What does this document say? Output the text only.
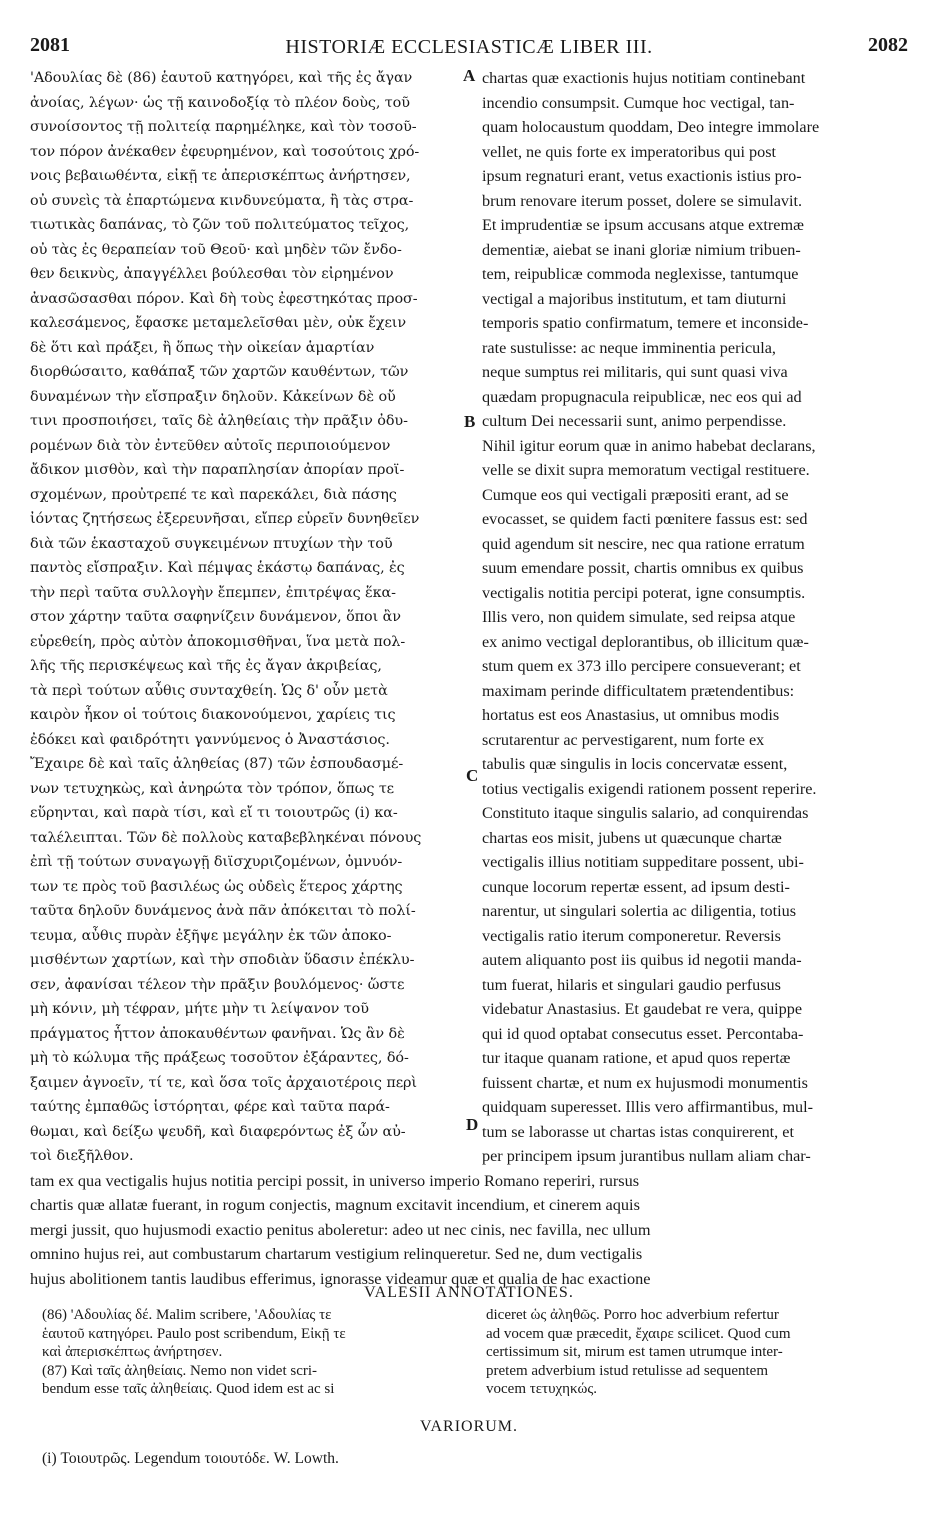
2081	HISTORIÆ ECCLESIASTICÆ LIBER III.	2082
'Αδουλίας δὲ (86) ἑαυτοῦ κατηγόρει, καὶ τῆς ἐς ἄγαν
ἀνοίας, λέγων· ὡς τῇ καινοδοξίᾳ τὸ πλέον δοὺς, τοῦ
συνοίσοντος τῇ πολιτείᾳ παρημέληκε, καὶ τὸν τοσοῦ-
τον πόρον ἀνέκαθεν ἐφευρημένον, καὶ τοσούτοις χρό-
νοις βεβαιωθέντα, εἰκῇ τε ἀπερισκέπτως ἀνήρτησεν,
οὐ συνεὶς τὰ ἐπαρτώμενα κινδυνεύματα, ἢ τὰς στρα-
τιωτικὰς δαπάνας, τὸ ζῶν τοῦ πολιτεύματος τεῖχος,
οὐ τὰς ἐς θεραπείαν τοῦ Θεοῦ· καὶ μηδὲν τῶν ἔνδο-
θεν δεικνὺς, ἀπαγγέλλει βούλεσθαι τὸν εἰρημένον
ἀνασῶσασθαι πόρον. Καὶ δὴ τοὺς ἐφεστηκότας προσ-
καλεσάμενος, ἔφασκε μεταμελεῖσθαι μὲν, οὐκ ἔχειν
δὲ ὅτι καὶ πράξει, ἢ ὅπως τὴν οἰκείαν ἁμαρτίαν
διορθώσαιτο, καθάπαξ τῶν χαρτῶν καυθέντων, τῶν
δυναμένων τὴν εἴσπραξιν δηλοῦν. Κἀκείνων δὲ οὔ
τινι προσποιήσει, ταῖς δὲ ἀληθείαις τὴν πρᾶξιν ὀδυ-
ρομένων διὰ τὸν ἐντεῦθεν αὐτοῖς περιποιούμενον
ἄδικον μισθὸν, καὶ τὴν παραπλησίαν ἀπορίαν προϊ-
σχομένων, προὐτρεπέ τε καὶ παρεκάλει, διὰ πάσης
ἰόντας ζητήσεως ἐξερευνῆσαι, εἴπερ εὑρεῖν δυνηθεῖεν
διὰ τῶν ἑκασταχοῦ συγκειμένων πτυχίων τὴν τοῦ
παντὸς εἴσπραξιν. Καὶ πέμψας ἑκάστῳ δαπάνας, ἐς
τὴν περὶ ταῦτα συλλογὴν ἔπεμπεν, ἐπιτρέψας ἕκα-
στον χάρτην ταῦτα σαφηνίζειν δυνάμενον, ὅποι ἂν
εὑρεθείη, πρὸς αὐτὸν ἀποκομισθῆναι, ἵνα μετὰ πολ-
λῆς τῆς περισκέψεως καὶ τῆς ἐς ἄγαν ἀκριβείας,
τὰ περὶ τούτων αὖθις συνταχθείη. Ὡς δ' οὖν μετὰ
καιρὸν ἧκον οἱ τούτοις διακονούμενοι, χαρίεις τις
ἐδόκει καὶ φαιδρότητι γαννύμενος ὁ Ἀναστάσιος.
Ἔχαιρε δὲ καὶ ταῖς ἀληθείας (87) τῶν ἐσπουδασμέ-
νων τετυχηκὼς, καὶ ἀνηρώτα τὸν τρόπον, ὅπως τε
εὕρηνται, καὶ παρὰ τίσι, καὶ εἴ τι τοιουτρῶς (i) κα-
ταλέλειπται. Τῶν δὲ πολλοὺς καταβεβληκέναι πόνους
ἐπὶ τῇ τούτων συναγωγῇ διϊσχυριζομένων, ὀμνυόν-
των τε πρὸς τοῦ βασιλέως ὡς οὐδεὶς ἕτερος χάρτης
ταῦτα δηλοῦν δυνάμενος ἀνὰ πᾶν ἀπόκειται τὸ πολί-
τευμα, αὖθις πυρὰν ἐξῆψε μεγάλην ἐκ τῶν ἀποκο-
μισθέντων χαρτίων, καὶ τὴν σποδιὰν ὕδασιν ἐπέκλυ-
σεν, ἀφανίσαι τέλεον τὴν πρᾶξιν βουλόμενος· ὥστε
μὴ κόνιν, μὴ τέφραν, μήτε μὴν τι λείψανον τοῦ
πράγματος ἧττον ἀποκαυθέντων φανῆναι. Ὡς ἂν δὲ
μὴ τὸ κώλυμα τῆς πράξεως τοσοῦτον ἐξάραντες, δό-
ξαιμεν ἀγνοεῖν, τί τε, καὶ ὅσα τοῖς ἀρχαιοτέροις περὶ
ταύτης ἐμπαθῶς ἱστόρηται, φέρε καὶ ταῦτα παρά-
θωμαι, καὶ δείξω ψευδῆ, καὶ διαφερόντως ἐξ ὧν αὐ-
τοὶ διεξῆλθον.
chartas quæ exactionis hujus notitiam continebant
incendio consumpsit. Cumque hoc vectigal, tan-
quam holocaustum quoddam, Deo integre immolare
vellet, ne quis forte ex imperatoribus qui post
ipsum regnaturi erant, vetus exactionis istius pro-
brum renovare iterum posset, dolere se simulavit.
Et imprudentiæ se ipsum accusans atque extremæ
dementiæ, aiebat se inani gloriæ nimium tribuen-
tem, reipublicæ commoda neglexisse, tantumque
vectigal a majoribus institutum, et tam diuturni
temporis spatio confirmatum, temere et inconside-
rate sustulisse: ac neque imminentia pericula,
neque sumptus rei militaris, qui sunt quasi viva
quædam propugnacula reipublicæ, nec eos qui ad
cultum Dei necessarii sunt, animo perpendisse.
Nihil igitur eorum quæ in animo habebat declarans,
velle se dixit supra memoratum vectigal restituere.
Cumque eos qui vectigali præpositi erant, ad se
evocasset, se quidem facti pœnitere fassus est: sed
quid agendum sit nescire, nec qua ratione erratum
suum emendare possit, chartis omnibus ex quibus
vectigalis notitia percipi poterat, igne consumptis.
Illis vero, non quidem simulate, sed reipsa atque
ex animo vectigal deplorantibus, ob illicitum quæ-
stum quem ex 373 illo percipere consueverant; et
maximam perinde difficultatem prætendentibus:
hortatus est eos Anastasius, ut omnibus modis
scrutarentur ac pervestigarent, num forte ex
tabulis quæ singulis in locis concervatæ essent,
totius vectigalis exigendi rationem possent reperire.
Constituto itaque singulis salario, ad conquirendas
chartas eos misit, jubens ut quæcunque chartæ
vectigalis illius notitiam suppeditare possent, ubi-
cunque locorum repertæ essent, ad ipsum desti-
narentur, ut singulari solertia ac diligentia, totius
vectigalis ratio iterum componeretur. Reversis
autem aliquanto post iis quibus id negotii manda-
tum fuerat, hilaris et singulari gaudio perfusus
videbatur Anastasius. Et gaudebat re vera, quippe
qui id quod optabat consecutus esset. Percontaba-
tur itaque quanam ratione, et apud quos repertæ
fuissent chartæ, et num ex hujusmodi monumentis
quidquam superesset. Illis vero affirmantibus, mul-
tum se laborasse ut chartas istas conquirerent, et
per principem ipsum jurantibus nullam aliam char-
A
B
C
D
tam ex qua vectigalis hujus notitia percipi possit, in universo imperio Romano reperiri, rursus
chartis quæ allatæ fuerant, in rogum conjectis, magnum excitavit incendium, et cinerem aquis
mergi jussit, quo hujusmodi exactio penitus aboleretur: adeo ut nec cinis, nec favilla, nec ullum
omnino hujus rei, aut combustarum chartarum vestigium relinqueretur. Sed ne, dum vectigalis
hujus abolitionem tantis laudibus efferimus, ignorasse videamur quæ et qualia de hac exactione
VALESII ANNOTATIONES.
(86) 'Αδουλίας δέ. Malim scribere, 'Αδουλίας τε
ἑαυτοῦ κατηγόρει. Paulo post scribendum, Εἰκῇ τε
καὶ ἀπερισκέπτως ἀνήρτησεν.
(87) Καὶ ταῖς ἀληθείαις. Nemo non videt scri-
bendum esse ταῖς ἀληθείαις. Quod idem est ac si
diceret ὡς ἀληθῶς. Porro hoc adverbium refertur
ad vocem quæ præcedit, ἔχαιρε scilicet. Quod cum
certissimum sit, mirum est tamen utrumque inter-
pretem adverbium istud retulisse ad sequentem
vocem τετυχηκώς.
VARIORUM.
(i) Τοιουτρῶς. Legendum τοιουτόδε. W. Lowth.
